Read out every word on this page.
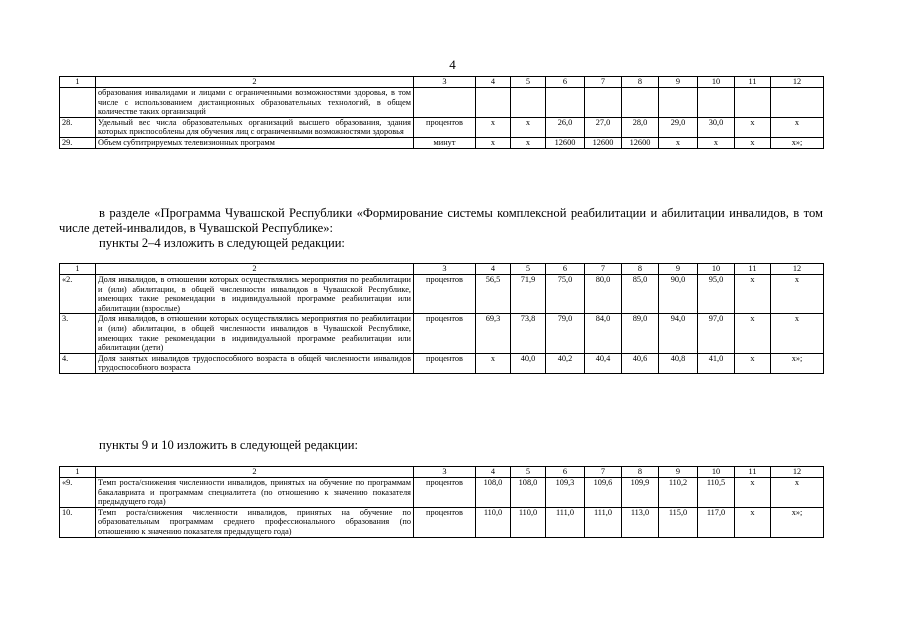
4
1	2	3	4	5	6	7	8	9	10	11	12
	образования инвалидами и лицами с ограниченными возможностями здоровья, в том числе с использованием дистанционных образовательных технологий, в общем количестве таких организаций										
28.	Удельный вес числа образовательных организаций высшего образования, здания которых приспособлены для обучения лиц с ограниченными возможностями здоровья	процентов	x	x	26,0	27,0	28,0	29,0	30,0	x	x
29.	Объем субтитрируемых телевизионных программ	минут	x	x	12600	12600	12600	x	x	x	x»;

в разделе «Программа Чувашской Республики «Формирование системы комплексной реабилитации и абилитации инвалидов, в том числе детей-инвалидов, в Чувашской Республике»:

пункты 2–4 изложить в следующей редакции:

1	2	3	4	5	6	7	8	9	10	11	12
«2.	Доля инвалидов, в отношении которых осуществлялись мероприятия по реабилитации и (или) абилитации, в общей численности инвалидов в Чувашской Республике, имеющих такие рекомендации в индивидуальной программе реабилитации или абилитации (взрослые)	процентов	56,5	71,9	75,0	80,0	85,0	90,0	95,0	x	x
3.	Доля инвалидов, в отношении которых осуществлялись мероприятия по реабилитации и (или) абилитации, в общей численности инвалидов в Чувашской Республике, имеющих такие рекомендации в индивидуальной программе реабилитации или абилитации (дети)	процентов	69,3	73,8	79,0	84,0	89,0	94,0	97,0	x	x
4.	Доля занятых инвалидов трудоспособного возраста в общей численности инвалидов трудоспособного возраста	процентов	x	40,0	40,2	40,4	40,6	40,8	41,0	x	x»;

пункты 9 и 10 изложить в следующей редакции:

1	2	3	4	5	6	7	8	9	10	11	12
«9.	Темп роста/снижения численности инвалидов, принятых на обучение по программам бакалавриата и программам специалитета (по отношению к значению показателя предыдущего года)	процентов	108,0	108,0	109,3	109,6	109,9	110,2	110,5	x	x
10.	Темп роста/снижения численности инвалидов, принятых на обучение по образовательным программам среднего профессионального образования (по отношению к значению показателя предыдущего года)	процентов	110,0	110,0	111,0	111,0	113,0	115,0	117,0	x	x»;
